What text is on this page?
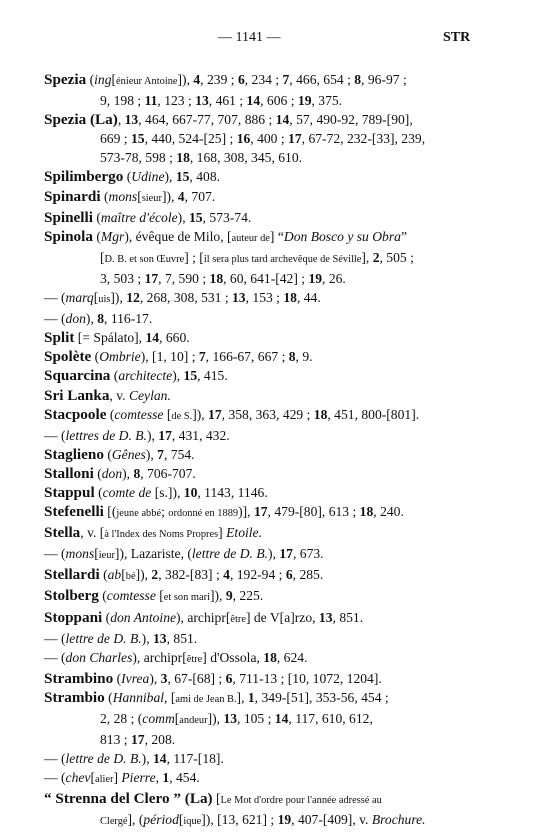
— 1141 —	STR
Spezia (ing[énieur Antoine]), 4, 239 ; 6, 234 ; 7, 466, 654 ; 8, 96-97 ;
9, 198 ; 11, 123 ; 13, 461 ; 14, 606 ; 19, 375.
Spezia (La), 13, 464, 667-77, 707, 886 ; 14, 57, 490-92, 789-[90],
669 ; 15, 440, 524-[25] ; 16, 400 ; 17, 67-72, 232-[33], 239,
573-78, 598 ; 18, 168, 308, 345, 610.
Spilimbergo (Udine), 15, 408.
Spinardi (mons[sieur]), 4, 707.
Spinelli (maître d'école), 15, 573-74.
Spinola (Mgr), évêque de Milo, [auteur de] “Don Bosco y su Obra”
[D. B. et son Œuvre] ; [il sera plus tard archevêque de Séville], 2, 505 ;
3, 503 ; 17, 7, 590 ; 18, 60, 641-[42] ; 19, 26.
— (marq[uis]), 12, 268, 308, 531 ; 13, 153 ; 18, 44.
— (don), 8, 116-17.
Split [= Spálato], 14, 660.
Spolète (Ombrie), [1, 10] ; 7, 166-67, 667 ; 8, 9.
Squarcina (architecte), 15, 415.
Sri Lanka, v. Ceylan.
Stacpoole (comtesse [de S.]), 17, 358, 363, 429 ; 18, 451, 800-[801].
— (lettres de D. B.), 17, 431, 432.
Staglieno (Gênes), 7, 754.
Stalloni (don), 8, 706-707.
Stappul (comte de [s.]), 10, 1143, 1146.
Stefenelli [(jeune abbé; ordonné en 1889)], 17, 479-[80], 613 ; 18, 240.
Stella, v. [à l'Index des Noms Propres] Etoile.
— (mons[ieur]), Lazariste, (lettre de D. B.), 17, 673.
Stellardi (ab[bé]), 2, 382-[83] ; 4, 192-94 ; 6, 285.
Stolberg (comtesse [et son mari]), 9, 225.
Stoppani (don Antoine), archipr[être] de V[a]rzo, 13, 851.
— (lettre de D. B.), 13, 851.
— (don Charles), archipr[être] d'Ossola, 18, 624.
Strambino (Ivrea), 3, 67-[68] ; 6, 711-13 ; [10, 1072, 1204].
Strambio (Hannibal, [ami de Jean B.], 1, 349-[51], 353-56, 454 ;
2, 28 ; (comm[andeur]), 13, 105 ; 14, 117, 610, 612,
813 ; 17, 208.
— (lettre de D. B.), 14, 117-[18].
— (chev[alier] Pierre, 1, 454.
“ Strenna del Clero ” (La) [Le Mot d'ordre pour l'année adressé au
Clergé], (périod[ique]), [13, 621] ; 19, 407-[409], v. Brochure.
